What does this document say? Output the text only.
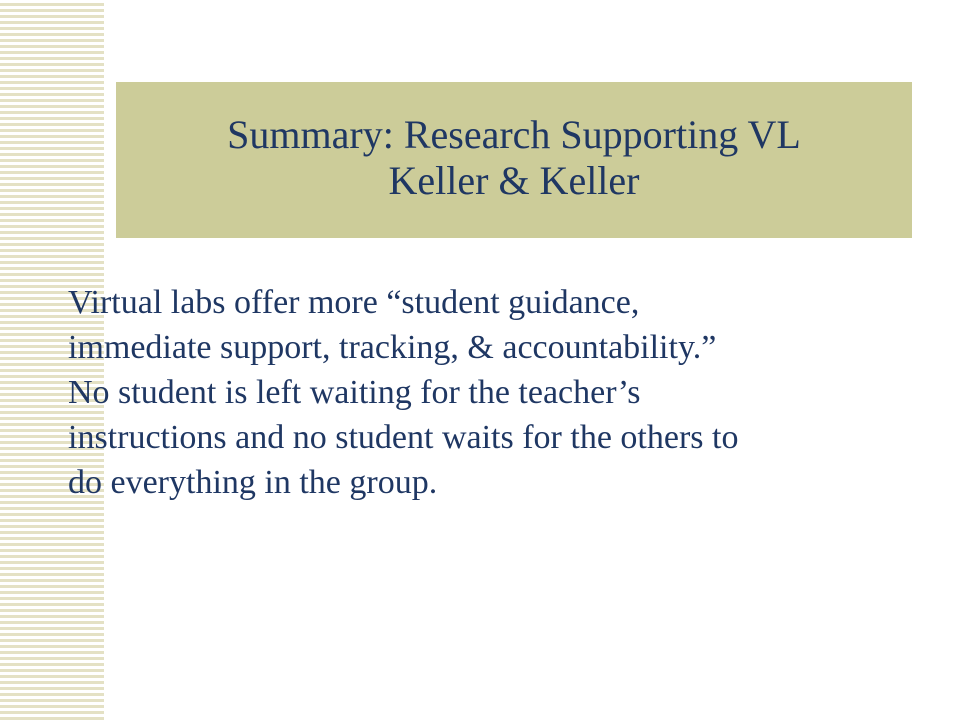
Summary: Research Supporting VL
Keller & Keller
Virtual labs offer more “student guidance,
immediate support, tracking, & accountability.”
No student is left waiting for the teacher’s
instructions and no student waits for the others to
do everything in the group.
